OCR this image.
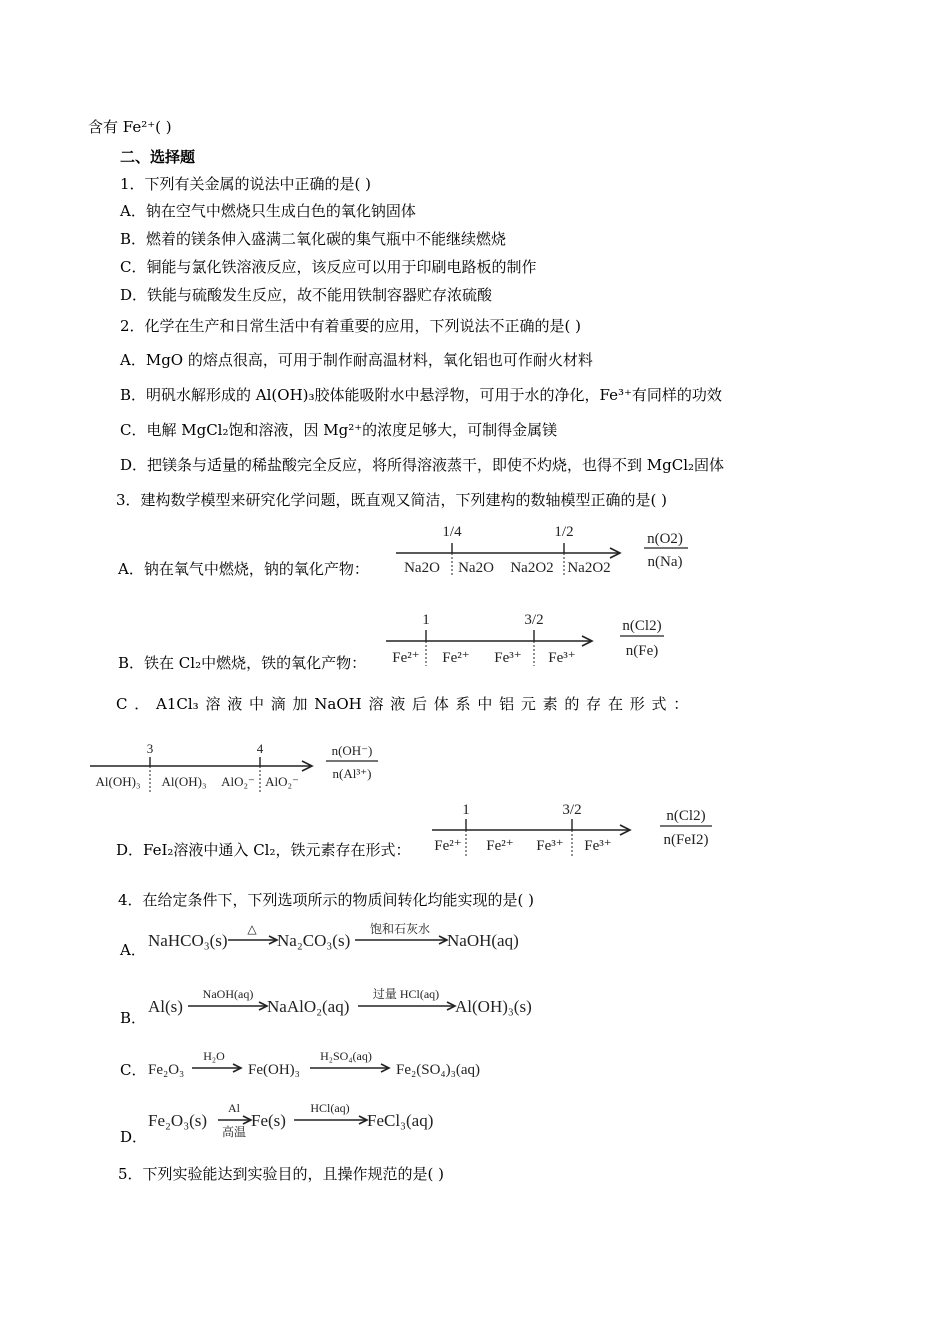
含有 Fe²⁺( )
二、选择题
1．下列有关金属的说法中正确的是( )
A．钠在空气中燃烧只生成白色的氧化钠固体
B．燃着的镁条伸入盛满二氧化碳的集气瓶中不能继续燃烧
C．铜能与氯化铁溶液反应，该反应可以用于印刷电路板的制作
D．铁能与硫酸发生反应，故不能用铁制容器贮存浓硫酸
2．化学在生产和日常生活中有着重要的应用，下列说法不正确的是( )
A．MgO 的熔点很高，可用于制作耐高温材料，氧化铝也可作耐火材料
B．明矾水解形成的 Al(OH)₃胶体能吸附水中悬浮物，可用于水的净化，Fe³⁺有同样的功效
C．电解 MgCl₂饱和溶液，因 Mg²⁺的浓度足够大，可制得金属镁
D．把镁条与适量的稀盐酸完全反应，将所得溶液蒸干，即使不灼烧，也得不到 MgCl₂固体
3．建构数学模型来研究化学问题，既直观又简洁，下列建构的数轴模型正确的是( )
A．钠在氧气中燃烧，钠的氧化产物：
1/4	1/2
Na2O Na2O Na2O2 Na2O2
n(O2)
n(Na)
B．铁在 Cl₂中燃烧，铁的氧化产物：
1	3/2
Fe²⁺ Fe²⁺ Fe³⁺ Fe³⁺
n(Cl2)
n(Fe)
C ． A1Cl₃ 溶 液 中 滴 加 NaOH 溶 液 后 体 系 中 铝 元 素 的 存 在 形 式 ：
3	4
Al(OH)₃ Al(OH)₃ AlO₂⁻ AlO₂⁻
n(OH⁻)
n(Al³⁺)
D．FeI₂溶液中通入 Cl₂，铁元素存在形式：
1	3/2
Fe²⁺ Fe²⁺ Fe³⁺ Fe³⁺
n(Cl2)
n(FeI2)
4．在给定条件下，下列选项所示的物质间转化均能实现的是( )
A． NaHCO₃(s)
△
Na₂CO₃(s)
饱和石灰水
NaOH(aq)
B．
Al(s)
NaOH(aq)
NaAlO₂(aq)
过量 HCl(aq)
Al(OH)₃(s)
C． Fe₂O₃
H₂O
Fe(OH)₃
H₂SO₄(aq)
Fe₂(SO₄)₃(aq)
D．
Fe₂O₃(s)
Al
高温
Fe(s)
HCl(aq)
FeCl₃(aq)
5．下列实验能达到实验目的，且操作规范的是( )
